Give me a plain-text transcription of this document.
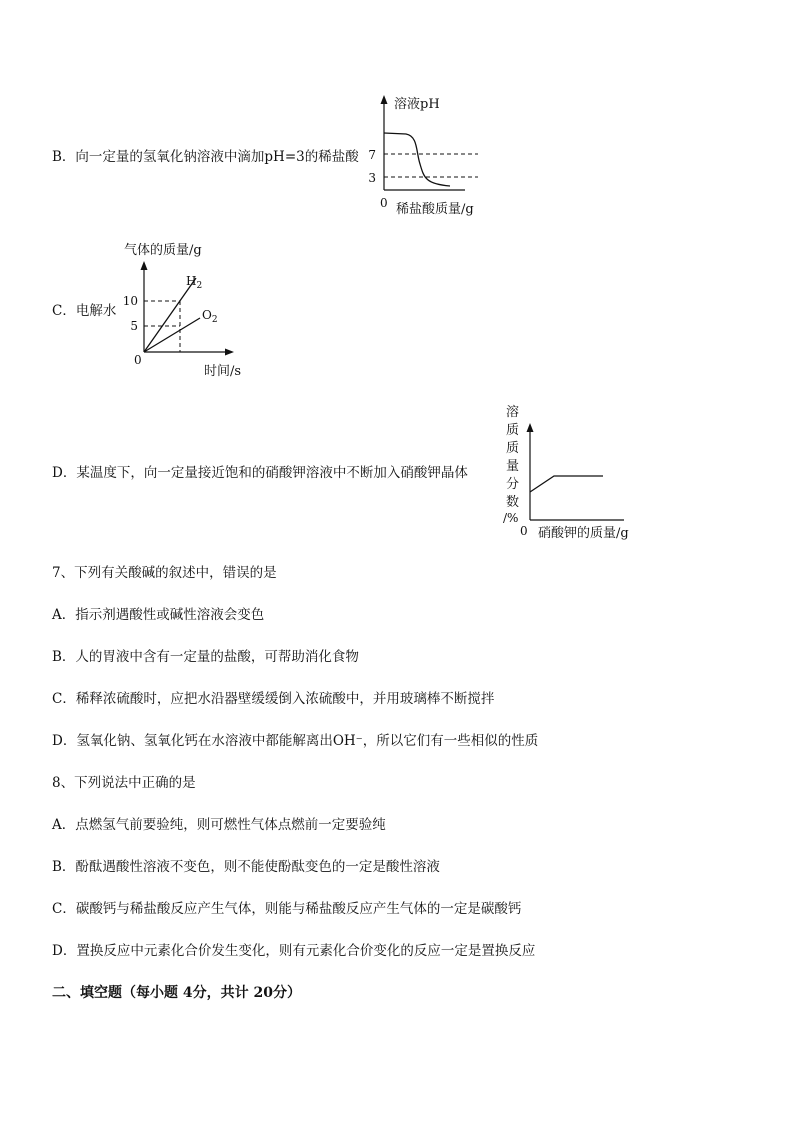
B．向一定量的氢氧化钠溶液中滴加pH=3的稀盐酸
溶液pH
7
3
0 稀盐酸质量/g
C．电解水
气体的质量/g
10
5
$H_2$
$O_2$
0
时间/s
D．某温度下，向一定量接近饱和的硝酸钾溶液中不断加入硝酸钾晶体
溶
质
质
量
分
数
/%
0 硝酸钾的质量/g
7、下列有关酸碱的叙述中，错误的是
A．指示剂遇酸性或碱性溶液会变色
B．人的胃液中含有一定量的盐酸，可帮助消化食物
C．稀释浓硫酸时，应把水沿器壁缓缓倒入浓硫酸中，并用玻璃棒不断搅拌
D．氢氧化钠、氢氧化钙在水溶液中都能解离出OH⁻，所以它们有一些相似的性质
8、下列说法中正确的是
A．点燃氢气前要验纯，则可燃性气体点燃前一定要验纯
B．酚酞遇酸性溶液不变色，则不能使酚酞变色的一定是酸性溶液
C．碳酸钙与稀盐酸反应产生气体，则能与稀盐酸反应产生气体的一定是碳酸钙
D．置换反应中元素化合价发生变化，则有元素化合价变化的反应一定是置换反应
二、填空题（每小题 4分，共计 20分）
